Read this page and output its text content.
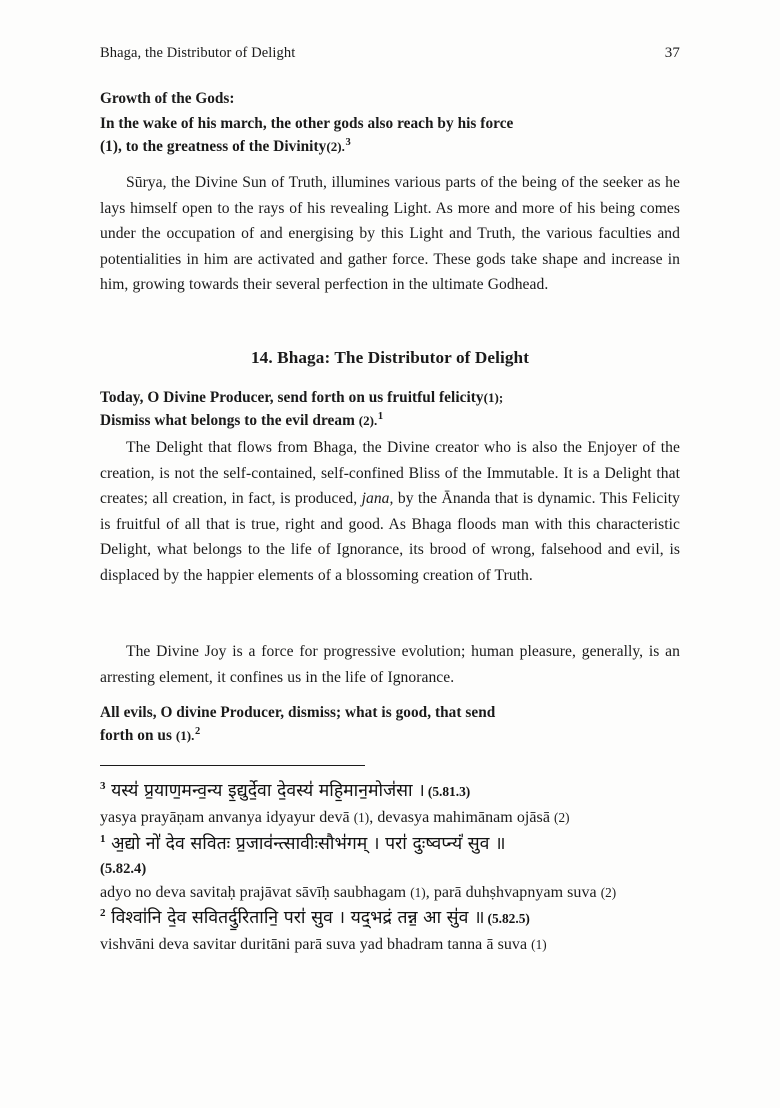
Bhaga, the Distributor of Delight	37
Growth of the Gods:
In the wake of his march, the other gods also reach by his force
(1), to the greatness of the Divinity(2).$^3$

Sūrya, the Divine Sun of Truth, illumines various parts of the being of the seeker as he lays himself open to the rays of his revealing Light. As more and more of his being comes under the occupation of and energising by this Light and Truth, the various faculties and potentialities in him are activated and gather force. These gods take shape and increase in him, growing towards their several perfection in the ultimate Godhead.

14. Bhaga: The Distributor of Delight
Today, O Divine Producer, send forth on us fruitful felicity(1);
Dismiss what belongs to the evil dream (2).$^1$

The Delight that flows from Bhaga, the Divine creator who is also the Enjoyer of the creation, is not the self-contained, self-confined Bliss of the Immutable. It is a Delight that creates; all creation, in fact, is produced, jana, by the Ānanda that is dynamic. This Felicity is fruitful of all that is true, right and good. As Bhaga floods man with this characteristic Delight, what belongs to the life of Ignorance, its brood of wrong, falsehood and evil, is displaced by the happier elements of a blossoming creation of Truth.

The Divine Joy is a force for progressive evolution; human pleasure, generally, is an arresting element, it confines us in the life of Ignorance.

All evils, O divine Producer, dismiss; what is good, that send
forth on us (1).$^2$
$^3$ यस्य॑ प्र॒याण॒मन्व॒न्य इ॒द्युर्दे॒वा दे॒वस्य॑ महि॒मान॒मोज॑सा । (5.81.3)
yasya prayāṇam anvanya idyayur devā (1), devasya mahimānam ojāsā (2)
$^1$ अ॒द्यो नो॑ देव सवितः प्र॒जाव॑न्त्सावीःसौभ॑गम् । परा॑ दुःष्वप्न्यं॑ सुव ॥
(5.82.4)
adyo no deva savitaḥ prajāvat sāvīḥ saubhagam (1), parā duhṣhvapnyam suva (2)
$^2$ विश्वा॑नि दे॒व सवितर्दु॒रितानि॒ परा॑ सुव । यद्॒भद्रं तन्न॒ आ सु॑व ॥ (5.82.5)
vishvāni deva savitar duritāni parā suva yad bhadram tanna ā suva (1)
